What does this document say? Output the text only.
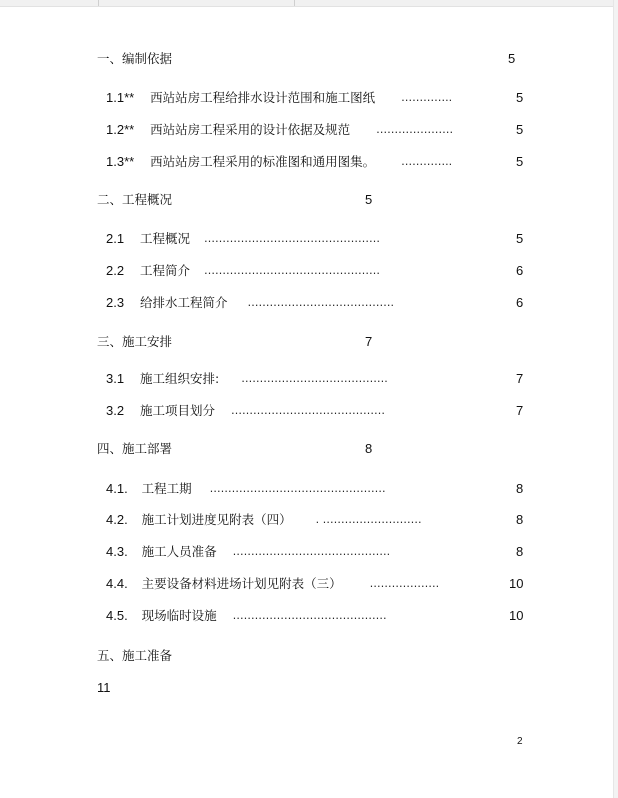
一、编制依据	5
1.1** 西站站房工程给排水设计范围和施工图纸 …………..	5
1.2** 西站站房工程采用的设计依据及规范 …………………	5
1.3** 西站站房工程采用的标准图和通用图集。 …………..	5
二、工程概况	5
2.1 工程概况 …………………………………………	5
2.2 工程简介 …………………………………………	6
2.3 给排水工程简介 ………………………………….	6
三、施工安排	7
3.1 施工组织安排: ………………………………….	7
3.2 施工项目划分 ……………………………………	7
四、施工部署	8
4.1. 工程工期 …………………………………………	8
4.2. 施工计划进度见附表（四） . ………………………	8
4.3. 施工人员准备 …………………………………….	8
4.4. 主要设备材料进场计划见附表（三）	……………….	10
4.5. 现场临时设施 ……………………………………	10
五、施工准备
11
2
